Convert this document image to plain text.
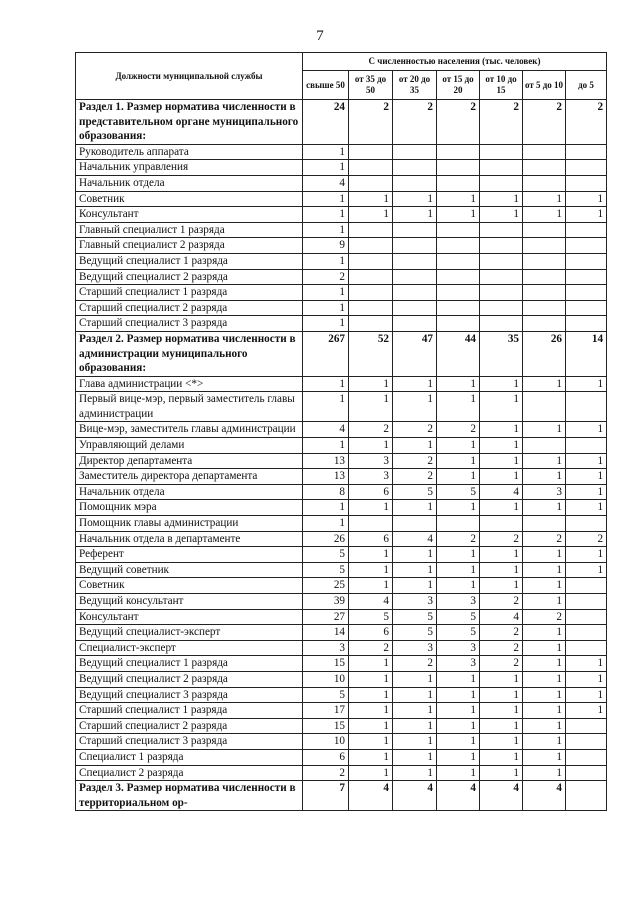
7
Должности муниципальной службы	С численностью населения (тыс. человек)						
	свыше 50	от 35 до 50	от 20 до 35	от 15 до 20	от 10 до 15	от 5 до 10	до 5
Раздел 1. Размер норматива численности в представительном органе муниципального образования:	24	2	2	2	2	2	2
Руководитель аппарата	1						
Начальник управления	1						
Начальник отдела	4						
Советник	1	1	1	1	1	1	1
Консультант	1	1	1	1	1	1	1
Главный специалист 1 разряда	1						
Главный специалист 2 разряда	9						
Ведущий специалист 1 разряда	1						
Ведущий специалист 2 разряда	2						
Старший специалист 1 разряда	1						
Старший специалист 2 разряда	1						
Старший специалист 3 разряда	1						
Раздел 2. Размер норматива численности в администрации муниципального образования:	267	52	47	44	35	26	14
Глава администрации <*>	1	1	1	1	1	1	1
Первый вице-мэр, первый заместитель главы администрации	1	1	1	1	1		
Вице-мэр, заместитель главы администрации	4	2	2	2	1	1	1
Управляющий делами	1	1	1	1	1		
Директор департамента	13	3	2	1	1	1	1
Заместитель директора департамента	13	3	2	1	1	1	1
Начальник отдела	8	6	5	5	4	3	1
Помощник мэра	1	1	1	1	1	1	1
Помощник главы администрации	1						
Начальник отдела в департаменте	26	6	4	2	2	2	2
Референт	5	1	1	1	1	1	1
Ведущий советник	5	1	1	1	1	1	1
Советник	25	1	1	1	1	1	
Ведущий консультант	39	4	3	3	2	1	
Консультант	27	5	5	5	4	2	
Ведущий специалист-эксперт	14	6	5	5	2	1	
Специалист-эксперт	3	2	3	3	2	1	
Ведущий специалист 1 разряда	15	1	2	3	2	1	1
Ведущий специалист 2 разряда	10	1	1	1	1	1	1
Ведущий специалист 3 разряда	5	1	1	1	1	1	1
Старший специалист 1 разряда	17	1	1	1	1	1	1
Старший специалист 2 разряда	15	1	1	1	1	1	
Старший специалист 3 разряда	10	1	1	1	1	1	
Специалист 1 разряда	6	1	1	1	1	1	
Специалист 2 разряда	2	1	1	1	1	1	
Раздел 3. Размер норматива численности в территориальном ор-	7	4	4	4	4	4	
